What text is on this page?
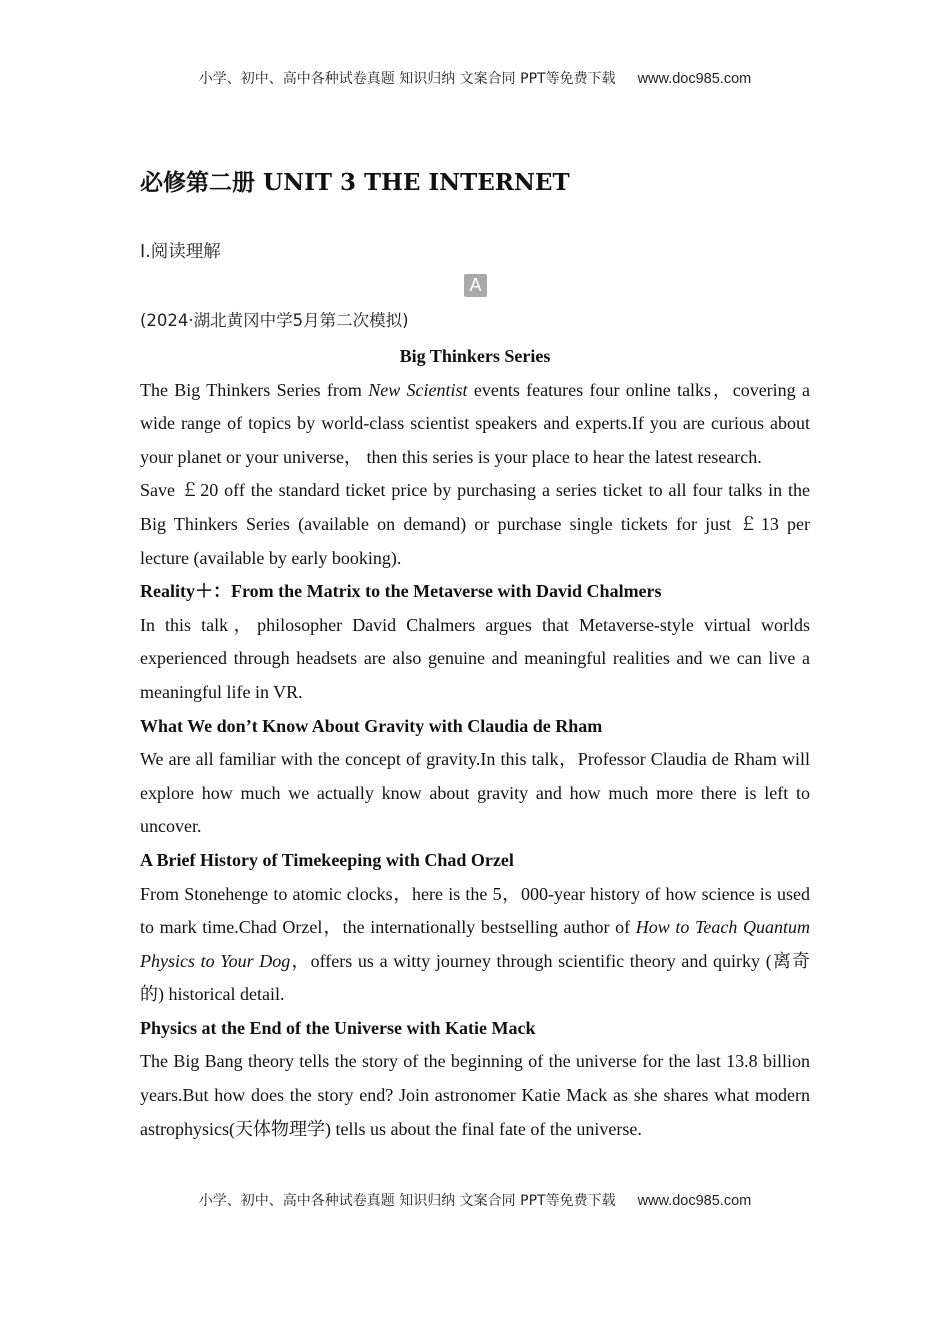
小学、初中、高中各种试卷真题 知识归纳 文案合同 PPT等免费下载 www.doc985.com
必修第二册 UNIT 3 THE INTERNET
Ⅰ.阅读理解
A
(2024·湖北黄冈中学5月第二次模拟)

Big Thinkers Series

The Big Thinkers Series from New Scientist events features four online talks，covering a wide range of topics by world-class scientist speakers and experts.If you are curious about your planet or your universe， then this series is your place to hear the latest research.

Save ￡20 off the standard ticket price by purchasing a series ticket to all four talks in the Big Thinkers Series (available on demand) or purchase single tickets for just ￡13 per lecture (available by early booking).

Reality＋：From the Matrix to the Metaverse with David Chalmers

In this talk，philosopher David Chalmers argues that Metaverse-style virtual worlds experienced through headsets are also genuine and meaningful realities and we can live a meaningful life in VR.

What We don’t Know About Gravity with Claudia de Rham

We are all familiar with the concept of gravity.In this talk，Professor Claudia de Rham will explore how much we actually know about gravity and how much more there is left to uncover.

A Brief History of Timekeeping with Chad Orzel

From Stonehenge to atomic clocks，here is the 5，000-year history of how science is used to mark time.Chad Orzel，the internationally bestselling author of How to Teach Quantum Physics to Your Dog，offers us a witty journey through scientific theory and quirky (离奇的) historical detail.

Physics at the End of the Universe with Katie Mack

The Big Bang theory tells the story of the beginning of the universe for the last 13.8 billion years.But how does the story end? Join astronomer Katie Mack as she shares what modern astrophysics(天体物理学) tells us about the final fate of the universe.

小学、初中、高中各种试卷真题 知识归纳 文案合同 PPT等免费下载 www.doc985.com
